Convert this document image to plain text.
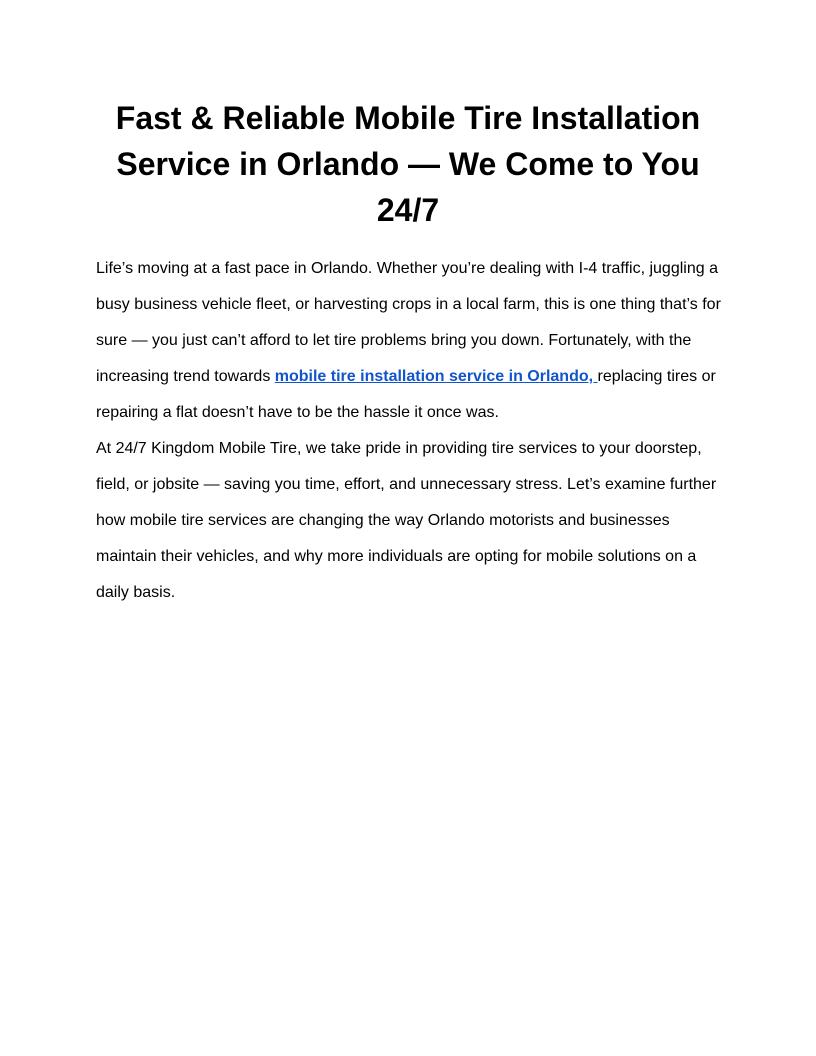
Fast & Reliable Mobile Tire Installation Service in Orlando — We Come to You 24/7

Life’s moving at a fast pace in Orlando. Whether you’re dealing with I-4 traffic, juggling a busy business vehicle fleet, or harvesting crops in a local farm, this is one thing that’s for sure — you just can’t afford to let tire problems bring you down. Fortunately, with the increasing trend towards mobile tire installation service in Orlando, replacing tires or repairing a flat doesn’t have to be the hassle it once was.

At 24/7 Kingdom Mobile Tire, we take pride in providing tire services to your doorstep, field, or jobsite — saving you time, effort, and unnecessary stress. Let’s examine further how mobile tire services are changing the way Orlando motorists and businesses maintain their vehicles, and why more individuals are opting for mobile solutions on a daily basis.
